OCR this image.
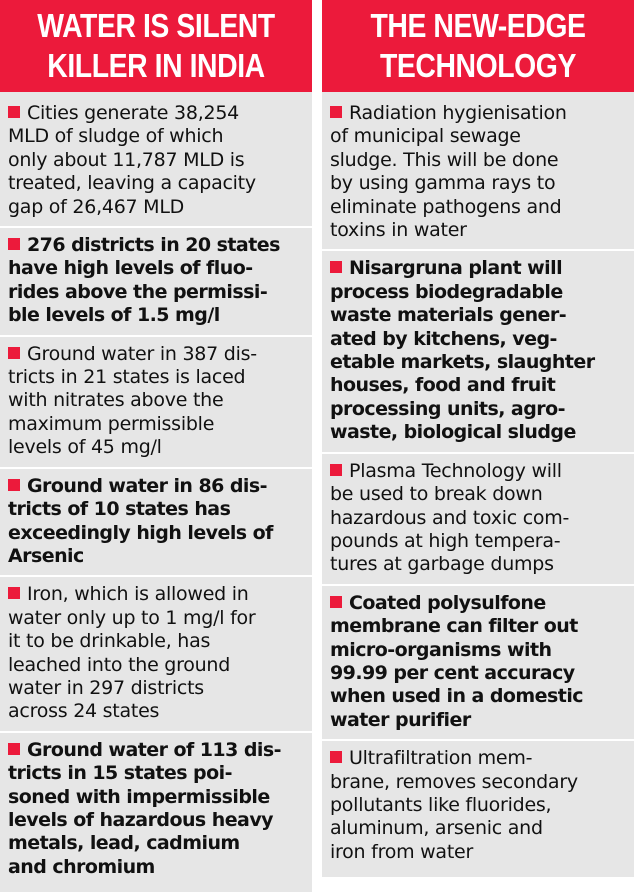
WATER IS SILENT
KILLER IN INDIA
Cities generate 38,254
MLD of sludge of which
only about 11,787 MLD is
treated, leaving a capacity
gap of 26,467 MLD
276 districts in 20 states
have high levels of fluo-
rides above the permissi-
ble levels of 1.5 mg/l
Ground water in 387 dis-
tricts in 21 states is laced
with nitrates above the
maximum permissible
levels of 45 mg/l
Ground water in 86 dis-
tricts of 10 states has
exceedingly high levels of
Arsenic
Iron, which is allowed in
water only up to 1 mg/l for
it to be drinkable, has
leached into the ground
water in 297 districts
across 24 states
Ground water of 113 dis-
tricts in 15 states poi-
soned with impermissible
levels of hazardous heavy
metals, lead, cadmium
and chromium
THE NEW-EDGE
TECHNOLOGY
Radiation hygienisation
of municipal sewage
sludge. This will be done
by using gamma rays to
eliminate pathogens and
toxins in water
Nisargruna plant will
process biodegradable
waste materials gener-
ated by kitchens, veg-
etable markets, slaughter
houses, food and fruit
processing units, agro-
waste, biological sludge
Plasma Technology will
be used to break down
hazardous and toxic com-
pounds at high tempera-
tures at garbage dumps
Coated polysulfone
membrane can filter out
micro-organisms with
99.99 per cent accuracy
when used in a domestic
water purifier
Ultrafiltration mem-
brane, removes secondary
pollutants like fluorides,
aluminum, arsenic and
iron from water
